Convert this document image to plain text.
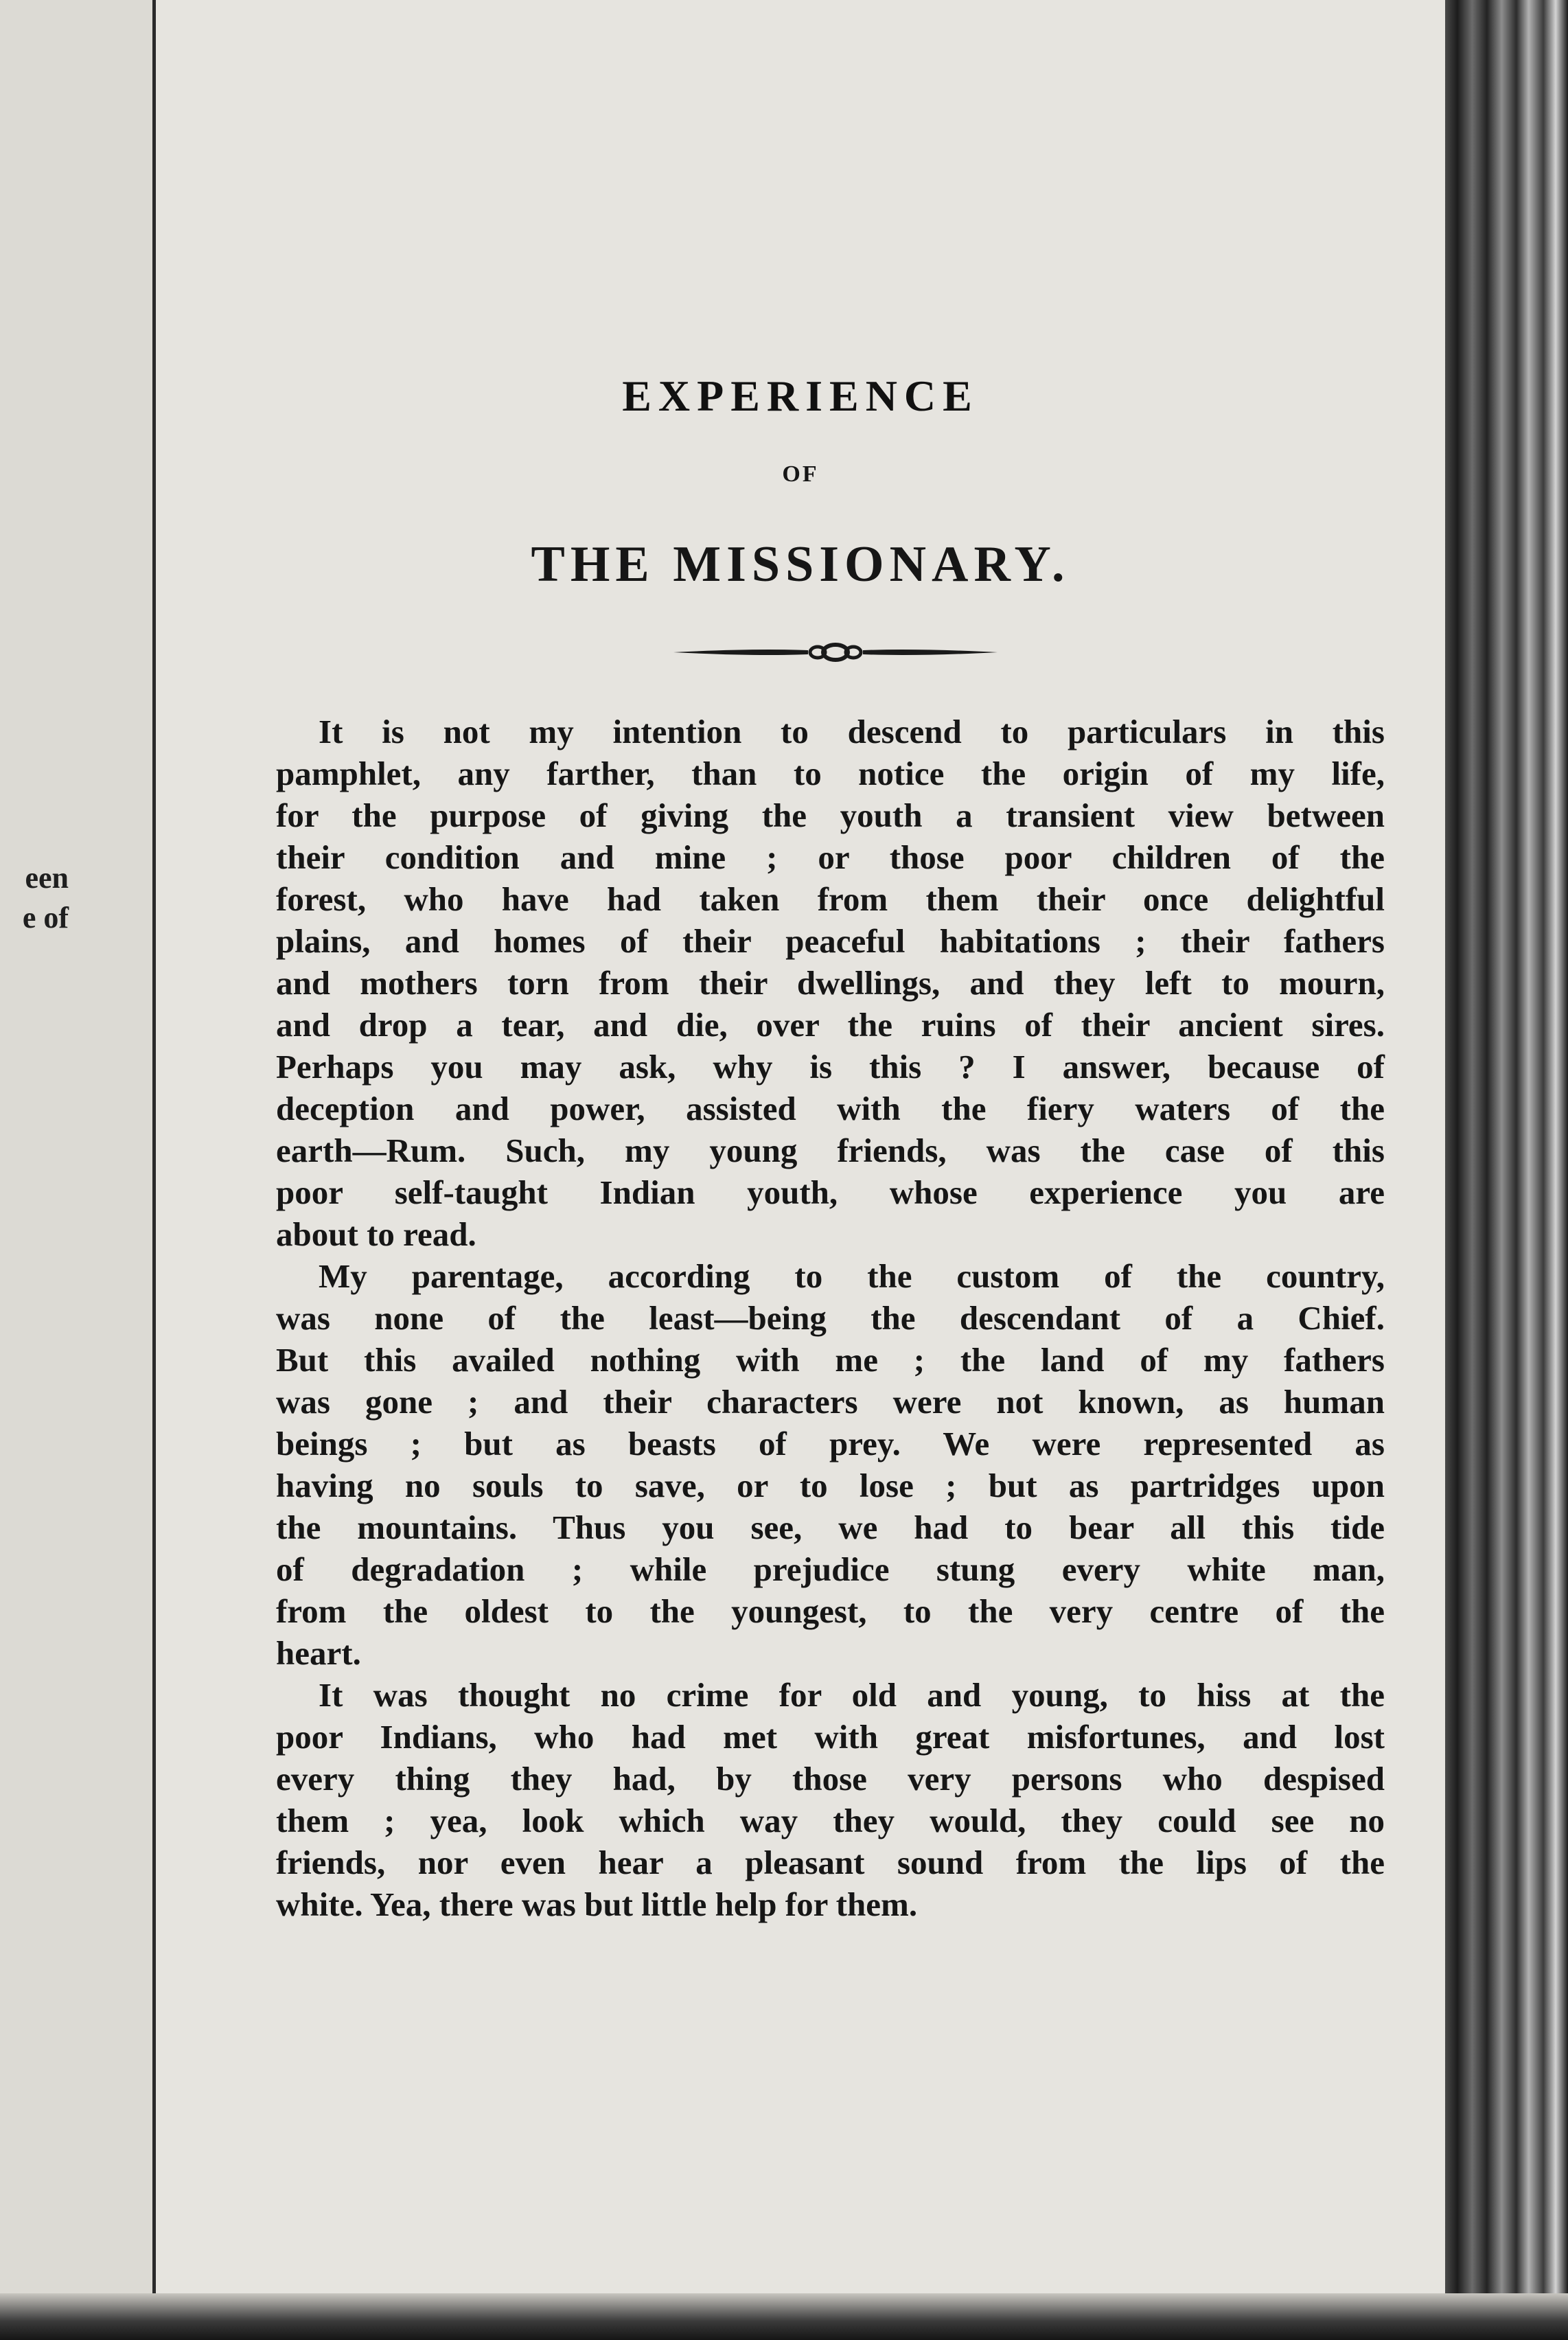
een
e of
EXPERIENCE
OF
THE MISSIONARY.
It is not my intention to descend to particulars in this
pamphlet, any farther, than to notice the origin of my life,
for the purpose of giving the youth a transient view between
their condition and mine ; or those poor children of the
forest, who have had taken from them their once delightful
plains, and homes of their peaceful habitations ; their fathers
and mothers torn from their dwellings, and they left to mourn,
and drop a tear, and die, over the ruins of their ancient sires.
Perhaps you may ask, why is this ? I answer, because of
deception and power, assisted with the fiery waters of the
earth—Rum. Such, my young friends, was the case of this
poor self-taught Indian youth, whose experience you are
about to read.
My parentage, according to the custom of the country,
was none of the least—being the descendant of a Chief.
But this availed nothing with me ; the land of my fathers
was gone ; and their characters were not known, as human
beings ; but as beasts of prey. We were represented as
having no souls to save, or to lose ; but as partridges upon
the mountains. Thus you see, we had to bear all this tide
of degradation ; while prejudice stung every white man,
from the oldest to the youngest, to the very centre of the
heart.
It was thought no crime for old and young, to hiss at the
poor Indians, who had met with great misfortunes, and lost
every thing they had, by those very persons who despised
them ; yea, look which way they would, they could see no
friends, nor even hear a pleasant sound from the lips of the
white. Yea, there was but little help for them.
